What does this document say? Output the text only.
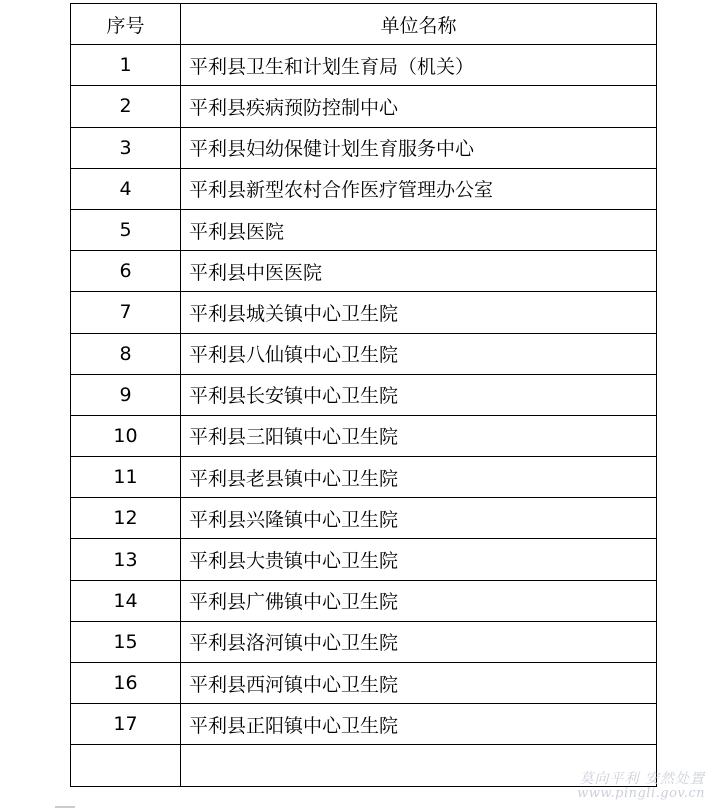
序号	单位名称
1	平利县卫生和计划生育局（机关）
2	平利县疾病预防控制中心
3	平利县妇幼保健计划生育服务中心
4	平利县新型农村合作医疗管理办公室
5	平利县医院
6	平利县中医医院
7	平利县城关镇中心卫生院
8	平利县八仙镇中心卫生院
9	平利县长安镇中心卫生院
10	平利县三阳镇中心卫生院
11	平利县老县镇中心卫生院
12	平利县兴隆镇中心卫生院
13	平利县大贵镇中心卫生院
14	平利县广佛镇中心卫生院
15	平利县洛河镇中心卫生院
16	平利县西河镇中心卫生院
17	平利县正阳镇中心卫生院

莫向平利 安然处置
www.pingli.gov.cn
